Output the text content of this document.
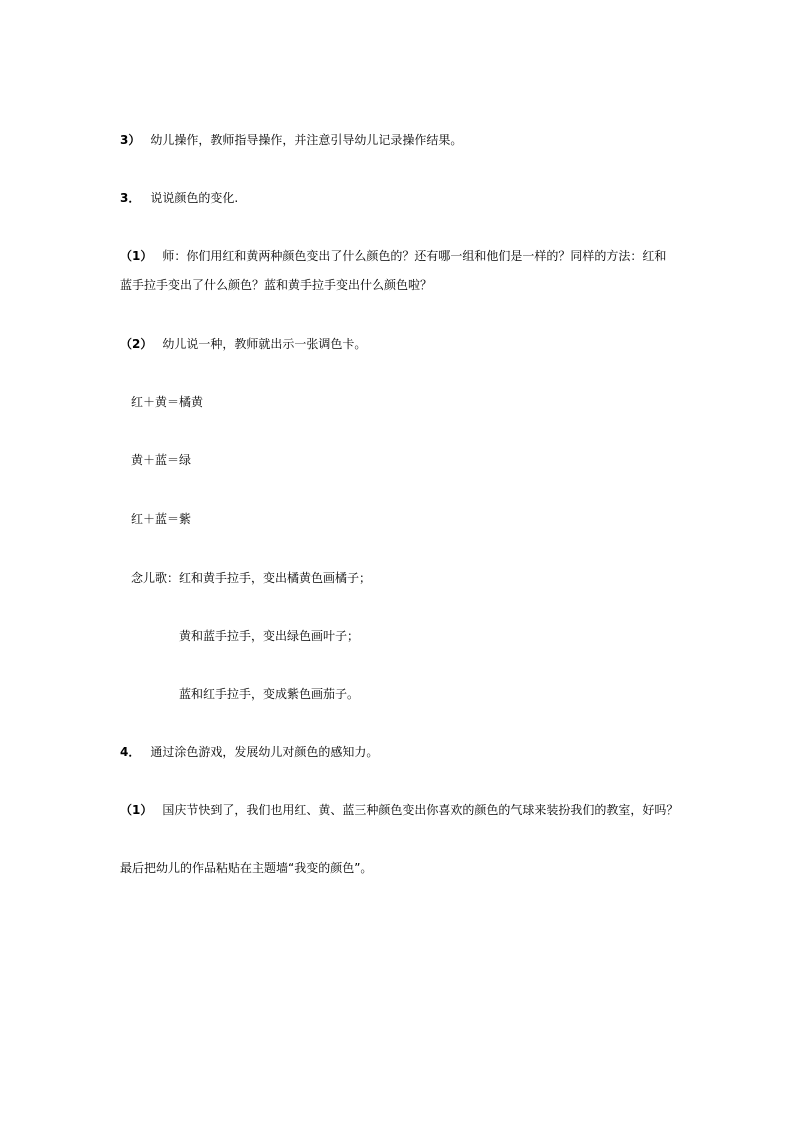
3） 幼儿操作，教师指导操作，并注意引导幼儿记录操作结果。
3． 说说颜色的变化.
（1） 师：你们用红和黄两种颜色变出了什么颜色的？还有哪一组和他们是一样的？同样的方法：红和
蓝手拉手变出了什么颜色？蓝和黄手拉手变出什么颜色啦？
（2） 幼儿说一种，教师就出示一张调色卡。
红＋黄＝橘黄
黄＋蓝＝绿
红＋蓝＝紫
念儿歌：红和黄手拉手，变出橘黄色画橘子；
黄和蓝手拉手，变出绿色画叶子；
蓝和红手拉手，变成紫色画茄子。
4． 通过涂色游戏，发展幼儿对颜色的感知力。
（1） 国庆节快到了，我们也用红、黄、蓝三种颜色变出你喜欢的颜色的气球来装扮我们的教室，好吗？
最后把幼儿的作品粘贴在主题墙“我变的颜色”。
